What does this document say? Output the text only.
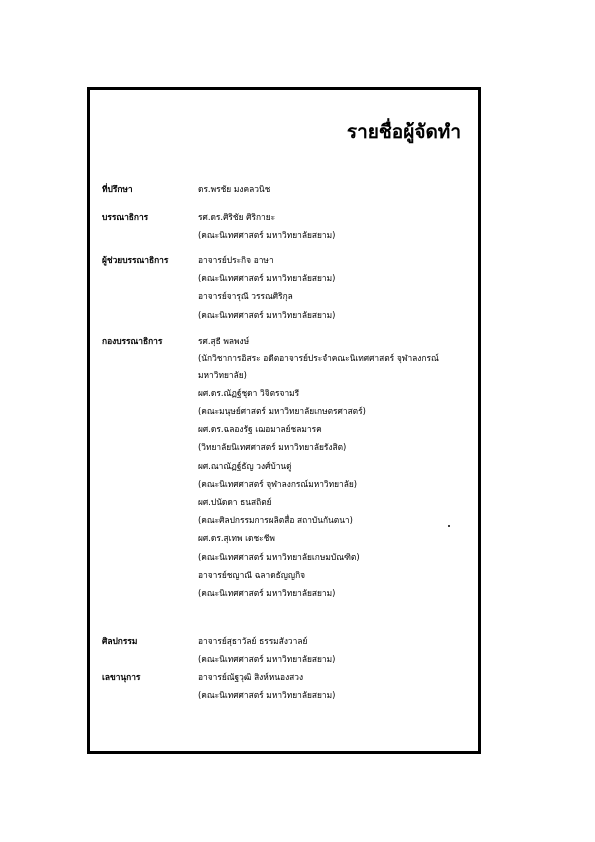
รายชื่อผู้จัดทำ
ที่ปรึกษา	ดร.พรชัย มงคลวนิช
บรรณาธิการ	รศ.ดร.ศิริชัย ศิริกายะ
(คณะนิเทศศาสตร์ มหาวิทยาลัยสยาม)
ผู้ช่วยบรรณาธิการ	อาจารย์ประกิจ อาษา
(คณะนิเทศศาสตร์ มหาวิทยาลัยสยาม)
อาจารย์จารุณี วรรณศิริกุล
(คณะนิเทศศาสตร์ มหาวิทยาลัยสยาม)
กองบรรณาธิการ	รศ.สุธี พลพงษ์
(นักวิชาการอิสระ อดีตอาจารย์ประจำคณะนิเทศศาสตร์ จุฬาลงกรณ์มหาวิทยาลัย)
ผศ.ดร.ณัฏฐ์ชุดา วิจิตรจามรี
(คณะมนุษย์ศาสตร์ มหาวิทยาลัยเกษตรศาสตร์)
ผศ.ดร.ฉลองรัฐ เฌอมาลย์ชลมารค
(วิทยาลัยนิเทศศาสตร์ มหาวิทยาลัยรังสิต)
ผศ.ณาณัฏฐ์ธัญ วงศ์บ้านดู่
(คณะนิเทศศาสตร์ จุฬาลงกรณ์มหาวิทยาลัย)
ผศ.ปนัดดา ธนสถิตย์
(คณะศิลปกรรมการผลิตสื่อ สถาบันกันตนา)
ผศ.ดร.สุเทพ เดชะชีพ
(คณะนิเทศศาสตร์ มหาวิทยาลัยเกษมบัณฑิต)
อาจารย์ชญาณี ฉลาดธัญญกิจ
(คณะนิเทศศาสตร์ มหาวิทยาลัยสยาม)
ศิลปกรรม	อาจารย์สุธาวัลย์ ธรรมสังวาลย์
(คณะนิเทศศาสตร์ มหาวิทยาลัยสยาม)
เลขานุการ	อาจารย์ณัฐวุฒิ สิงห์หนองสวง
(คณะนิเทศศาสตร์ มหาวิทยาลัยสยาม)
